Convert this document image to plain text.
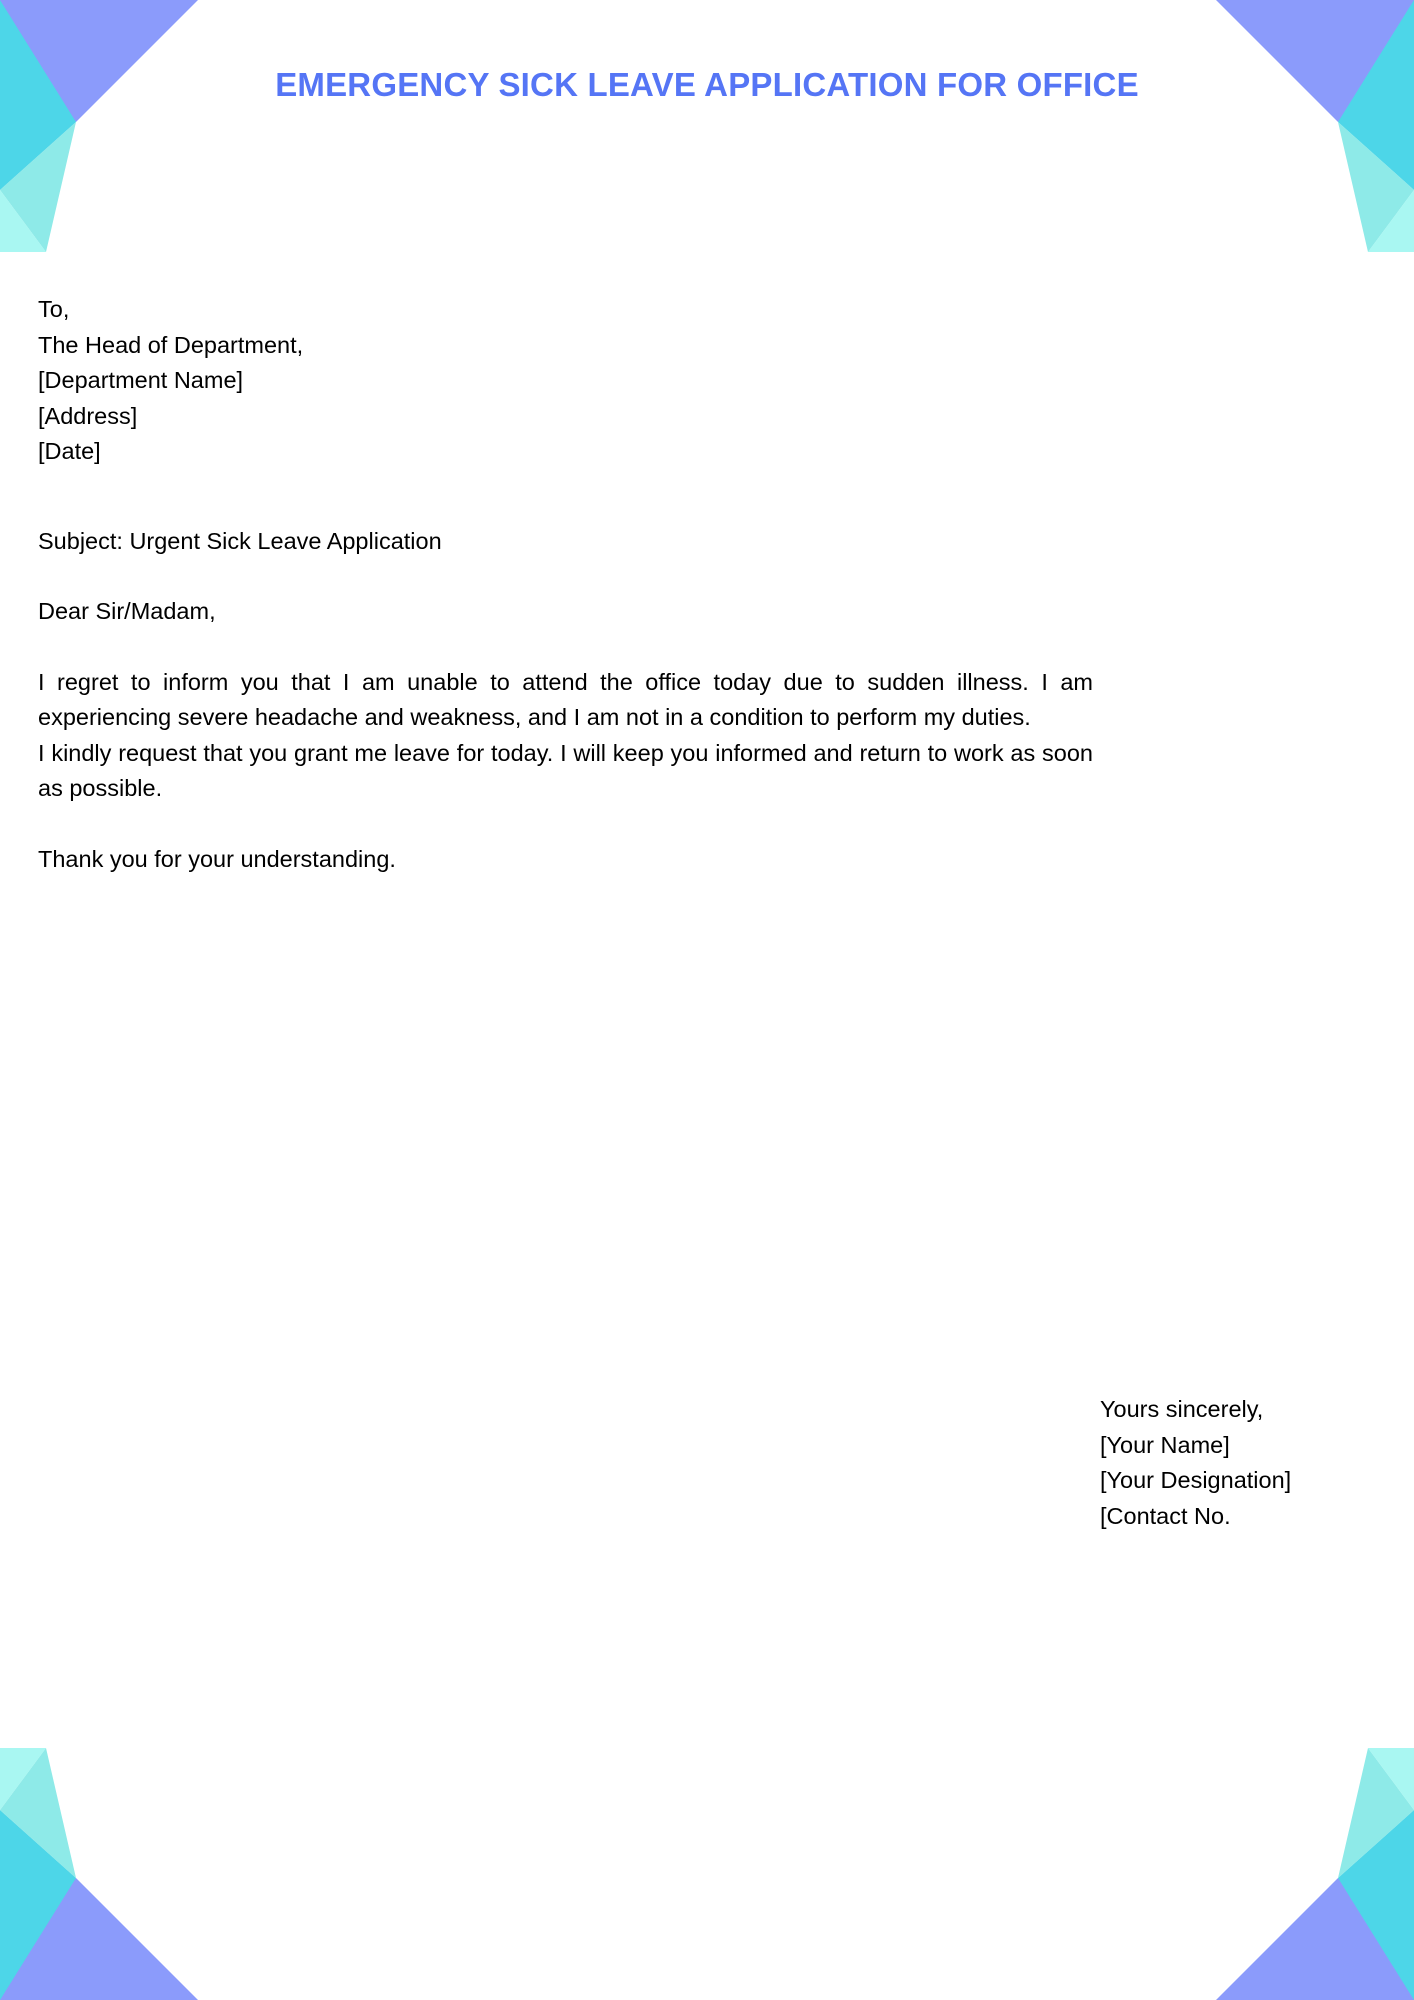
EMERGENCY SICK LEAVE APPLICATION FOR OFFICE
To,
The Head of Department,
[Department Name]
[Address]
[Date]
Subject: Urgent Sick Leave Application
Dear Sir/Madam,
I regret to inform you that I am unable to attend the office today due to sudden illness. I am experiencing severe headache and weakness, and I am not in a condition to perform my duties.
I kindly request that you grant me leave for today. I will keep you informed and return to work as soon as possible.
Thank you for your understanding.
Yours sincerely,
[Your Name]
[Your Designation]
[Contact No.
